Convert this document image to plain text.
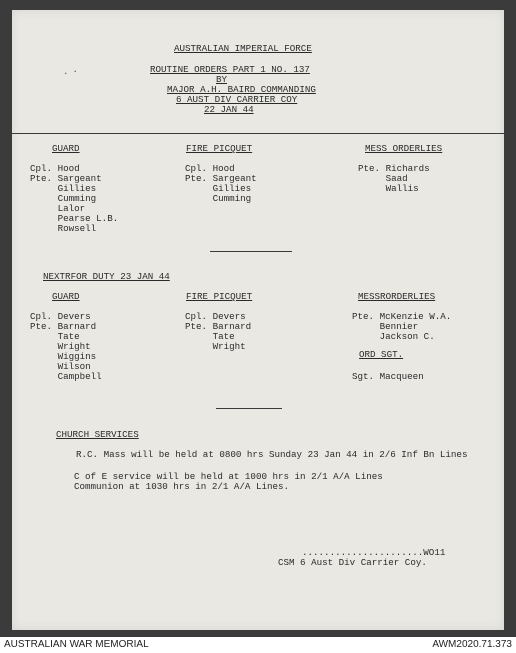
⸼ .
AUSTRALIAN IMPERIAL FORCE
ROUTINE ORDERS PART 1 NO. 137
BY
MAJOR A.H. BAIRD COMMANDING
6 AUST DIV CARRIER COY
22 JAN 44
GUARD
Cpl. Hood
Pte. Sargeant
Gillies
Cumming
Lalor
Pearse L.B.
Rowsell
FIRE PICQUET
Cpl. Hood
Pte. Sargeant
Gillies
Cumming
MESS ORDERLIES
Pte. Richards
Saad
Wallis
NEXTRFOR DUTY 23 JAN 44
GUARD
Cpl. Devers
Pte. Barnard
Tate
Wright
Wiggins
Wilson
Campbell
FIRE PICQUET
Cpl. Devers
Pte. Barnard
Tate
Wright
MESSRORDERLIES
Pte. McKenzie W.A.
Bennier
Jackson C.
ORD SGT.
Sgt. Macqueen
CHURCH SERVICES
R.C. Mass will be held at 0800 hrs Sunday 23 Jan 44 in 2/6 Inf Bn Lines
C of E service will be held at 1000 hrs in 2/1 A/A Lines
Communion at 1030 hrs in 2/1 A/A Lines.
......................WO11
CSM 6 Aust Div Carrier Coy.
AUSTRALIAN WAR MEMORIAL	AWM2020.71.373
